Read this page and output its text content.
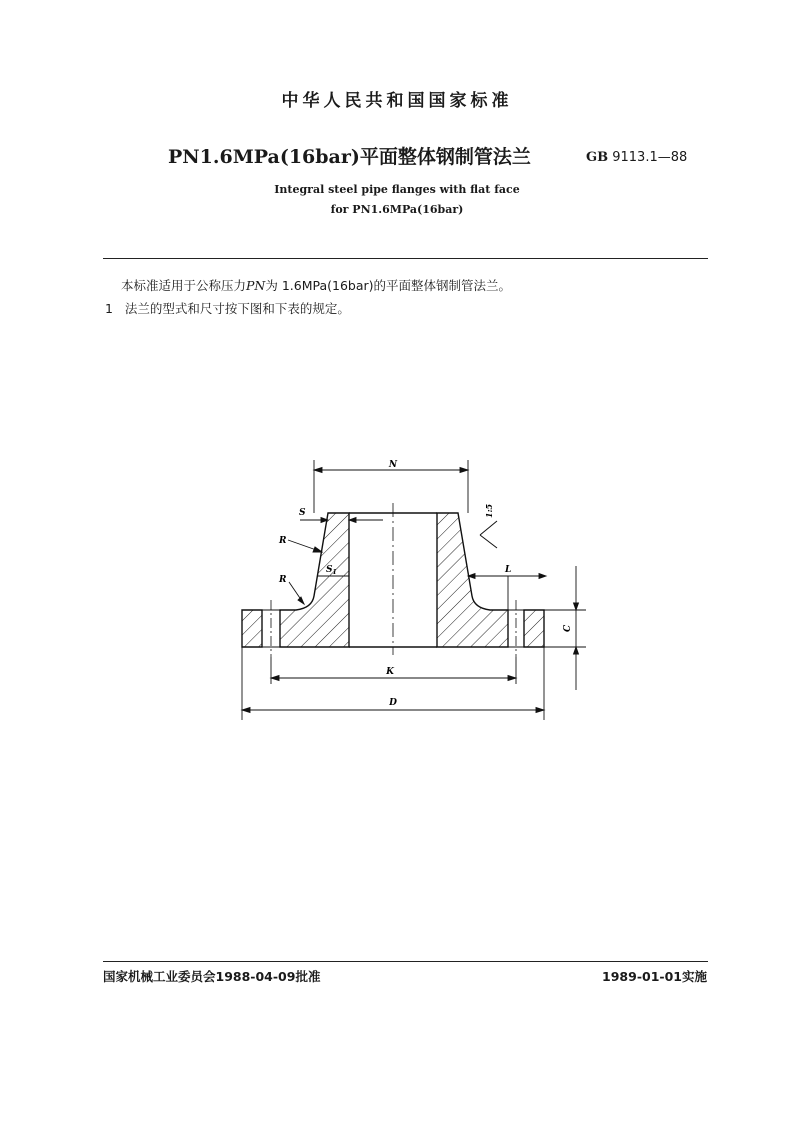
中华人民共和国国家标准
PN1.6MPa(16bar)平面整体钢制管法兰	GB 9113.1—88
Integral steel pipe flanges with flat face
for PN1.6MPa(16bar)
本标准适用于公称压力PN为 1.6MPa(16bar)的平面整体钢制管法兰。
1 法兰的型式和尺寸按下图和下表的规定。
N
S
R
$S_1$
R
1:5
L
C
K
D
国家机械工业委员会1988-04-09批准	1989-01-01实施
